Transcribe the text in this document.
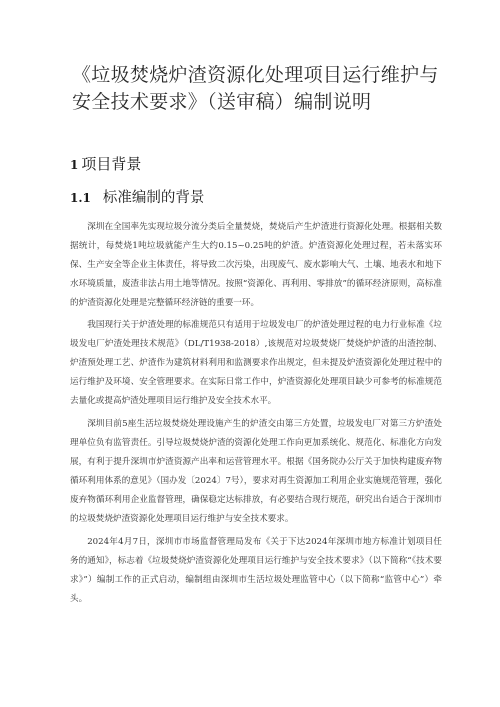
《垃圾焚烧炉渣资源化处理项目运行维护与安全技术要求》（送审稿）编制说明
1 项目背景
1.1 标准编制的背景

深圳在全国率先实现垃圾分流分类后全量焚烧，焚烧后产生炉渣进行资源化处理。根据相关数据统计，每焚烧1吨垃圾就能产生大约0.15~0.25吨的炉渣。炉渣资源化处理过程，若未落实环保、生产安全等企业主体责任，将导致二次污染，出现废气、废水影响大气、土壤、地表水和地下水环境质量，废渣非法占用土地等情况。按照“资源化、再利用、零排放”的循环经济原则，高标准的炉渣资源化处理是完整循环经济链的重要一环。

我国现行关于炉渣处理的标准规范只有适用于垃圾发电厂的炉渣处理过程的电力行业标准《垃圾发电厂炉渣处理技术规范》（DL/T1938-2018）,该规范对垃圾焚烧厂焚烧炉炉渣的出渣控制、炉渣预处理工艺、炉渣作为建筑材料利用和监测要求作出规定，但未提及炉渣资源化处理过程中的运行维护及环境、安全管理要求。在实际日常工作中，炉渣资源化处理项目缺少可参考的标准规范去量化或提高炉渣处理项目运行维护及安全技术水平。

深圳目前5座生活垃圾焚烧处理设施产生的炉渣交由第三方处置，垃圾发电厂对第三方炉渣处理单位负有监管责任。引导垃圾焚烧炉渣的资源化处理工作向更加系统化、规范化、标准化方向发展，有利于提升深圳市炉渣资源产出率和运营管理水平。根据《国务院办公厅关于加快构建废弃物循环利用体系的意见》（国办发〔2024〕7号），要求对再生资源加工利用企业实施规范管理，强化废弃物循环利用企业监督管理，确保稳定达标排放，有必要结合现行规范，研究出台适合于深圳市的垃圾焚烧炉渣资源化处理项目运行维护与安全技术要求。

2024年4月7日，深圳市市场监督管理局发布《关于下达2024年深圳市地方标准计划项目任务的通知》，标志着《垃圾焚烧炉渣资源化处理项目运行维护与安全技术要求》（以下简称“《技术要求》”）编制工作的正式启动，编制组由深圳市生活垃圾处理监管中心（以下简称“监管中心”）牵头。
